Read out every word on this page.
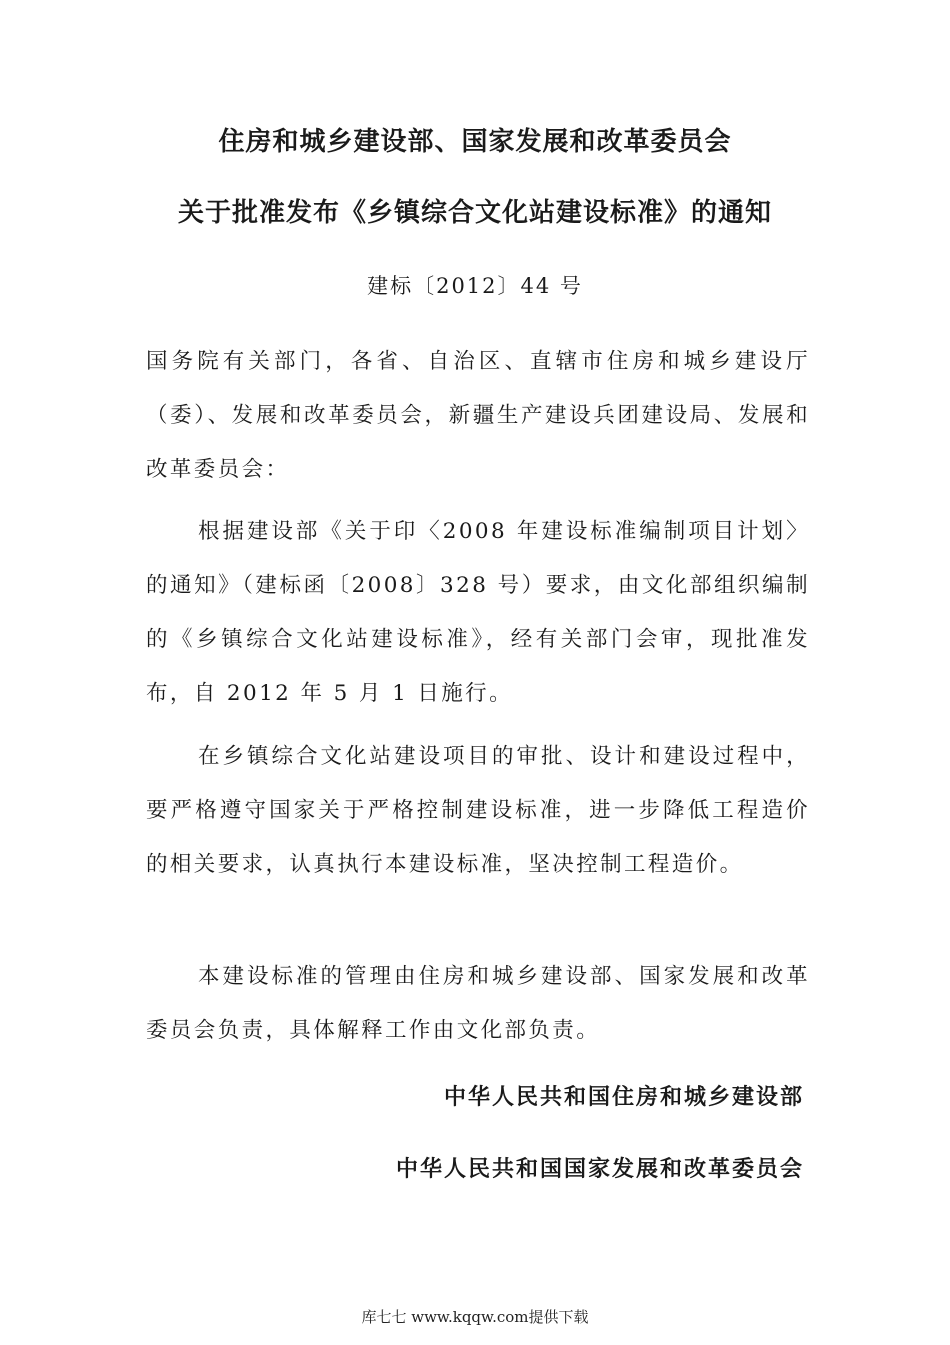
住房和城乡建设部、国家发展和改革委员会
关于批准发布《乡镇综合文化站建设标准》的通知
建标〔2012〕44 号

国务院有关部门，各省、自治区、直辖市住房和城乡建设厅（委）、发展和改革委员会，新疆生产建设兵团建设局、发展和改革委员会：

根据建设部《关于印〈2008 年建设标准编制项目计划〉的通知》（建标函〔2008〕328 号）要求，由文化部组织编制的《乡镇综合文化站建设标准》，经有关部门会审，现批准发布，自 2012 年 5 月 1 日施行。

在乡镇综合文化站建设项目的审批、设计和建设过程中，要严格遵守国家关于严格控制建设标准，进一步降低工程造价的相关要求，认真执行本建设标准，坚决控制工程造价。

本建设标准的管理由住房和城乡建设部、国家发展和改革委员会负责，具体解释工作由文化部负责。

中华人民共和国住房和城乡建设部
中华人民共和国国家发展和改革委员会
库七七 www.kqqw.com提供下载
